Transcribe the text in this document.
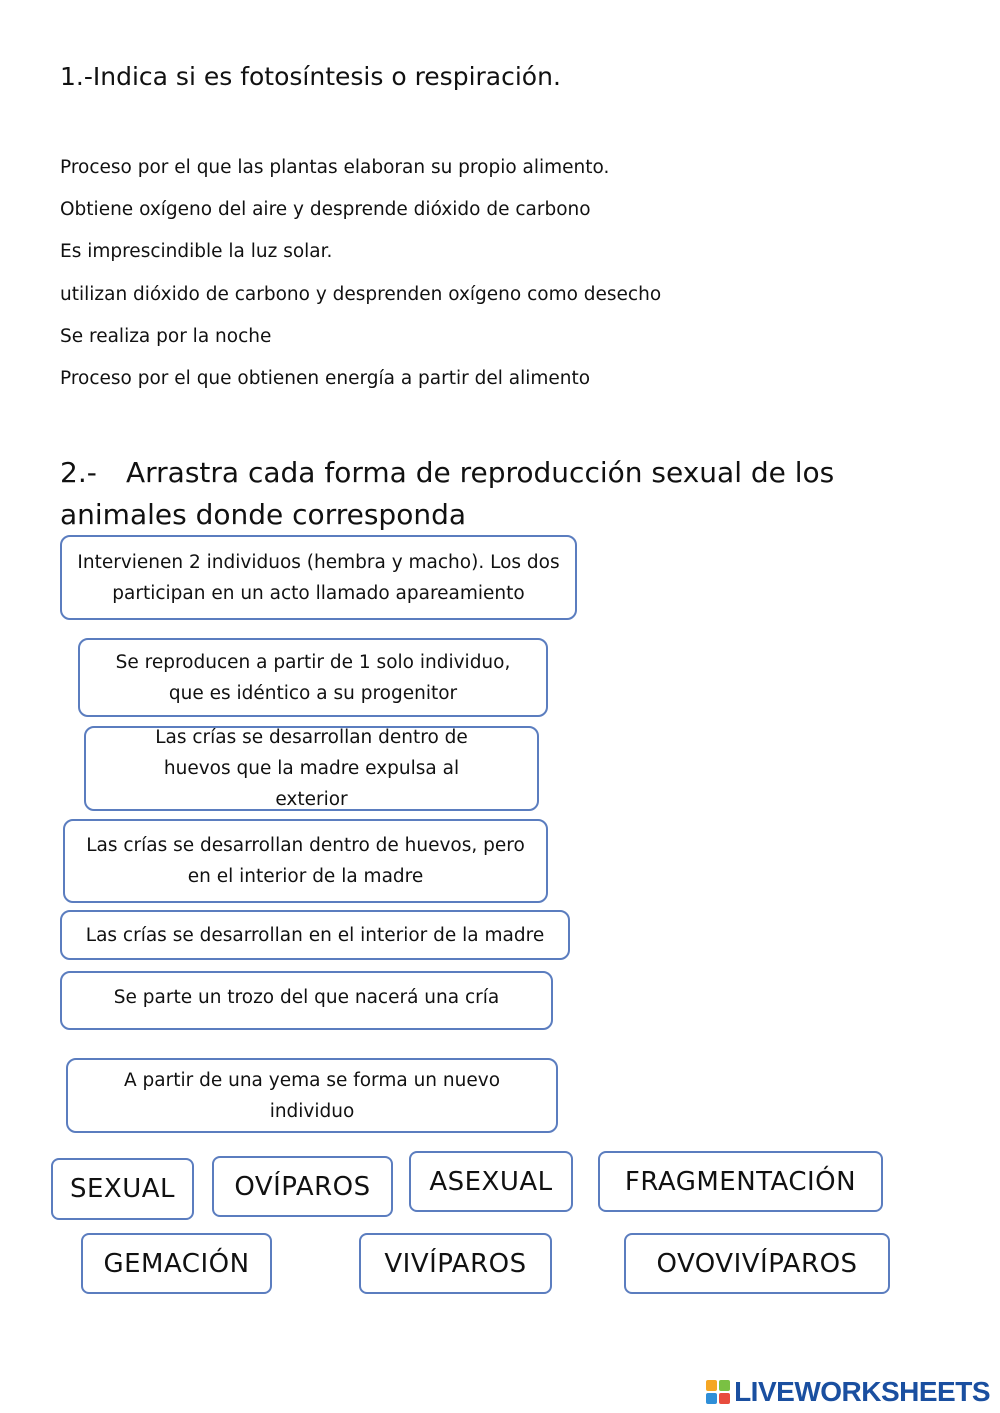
1.-Indica si es fotosíntesis o respiración.
Proceso por el que las plantas elaboran su propio alimento.
Obtiene oxígeno del aire y desprende dióxido de carbono
Es imprescindible la luz solar.
utilizan dióxido de carbono y desprenden oxígeno como desecho
Se realiza por la noche
Proceso por el que obtienen energía a partir del alimento
2.- Arrastra cada forma de reproducción sexual de los animales donde corresponda
Intervienen 2 individuos (hembra y macho). Los dos participan en un acto llamado apareamiento
Se reproducen a partir de 1 solo individuo, que es idéntico a su progenitor
Las crías se desarrollan dentro de huevos que la madre expulsa al exterior
Las crías se desarrollan dentro de huevos, pero en el interior de la madre
Las crías se desarrollan en el interior de la madre
Se parte un trozo del que nacerá una cría
A partir de una yema se forma un nuevo individuo
SEXUAL	OVÍPAROS	ASEXUAL	FRAGMENTACIÓN
GEMACIÓN	VIVÍPAROS	OVOVIVÍPAROS
LIVEWORKSHEETS
